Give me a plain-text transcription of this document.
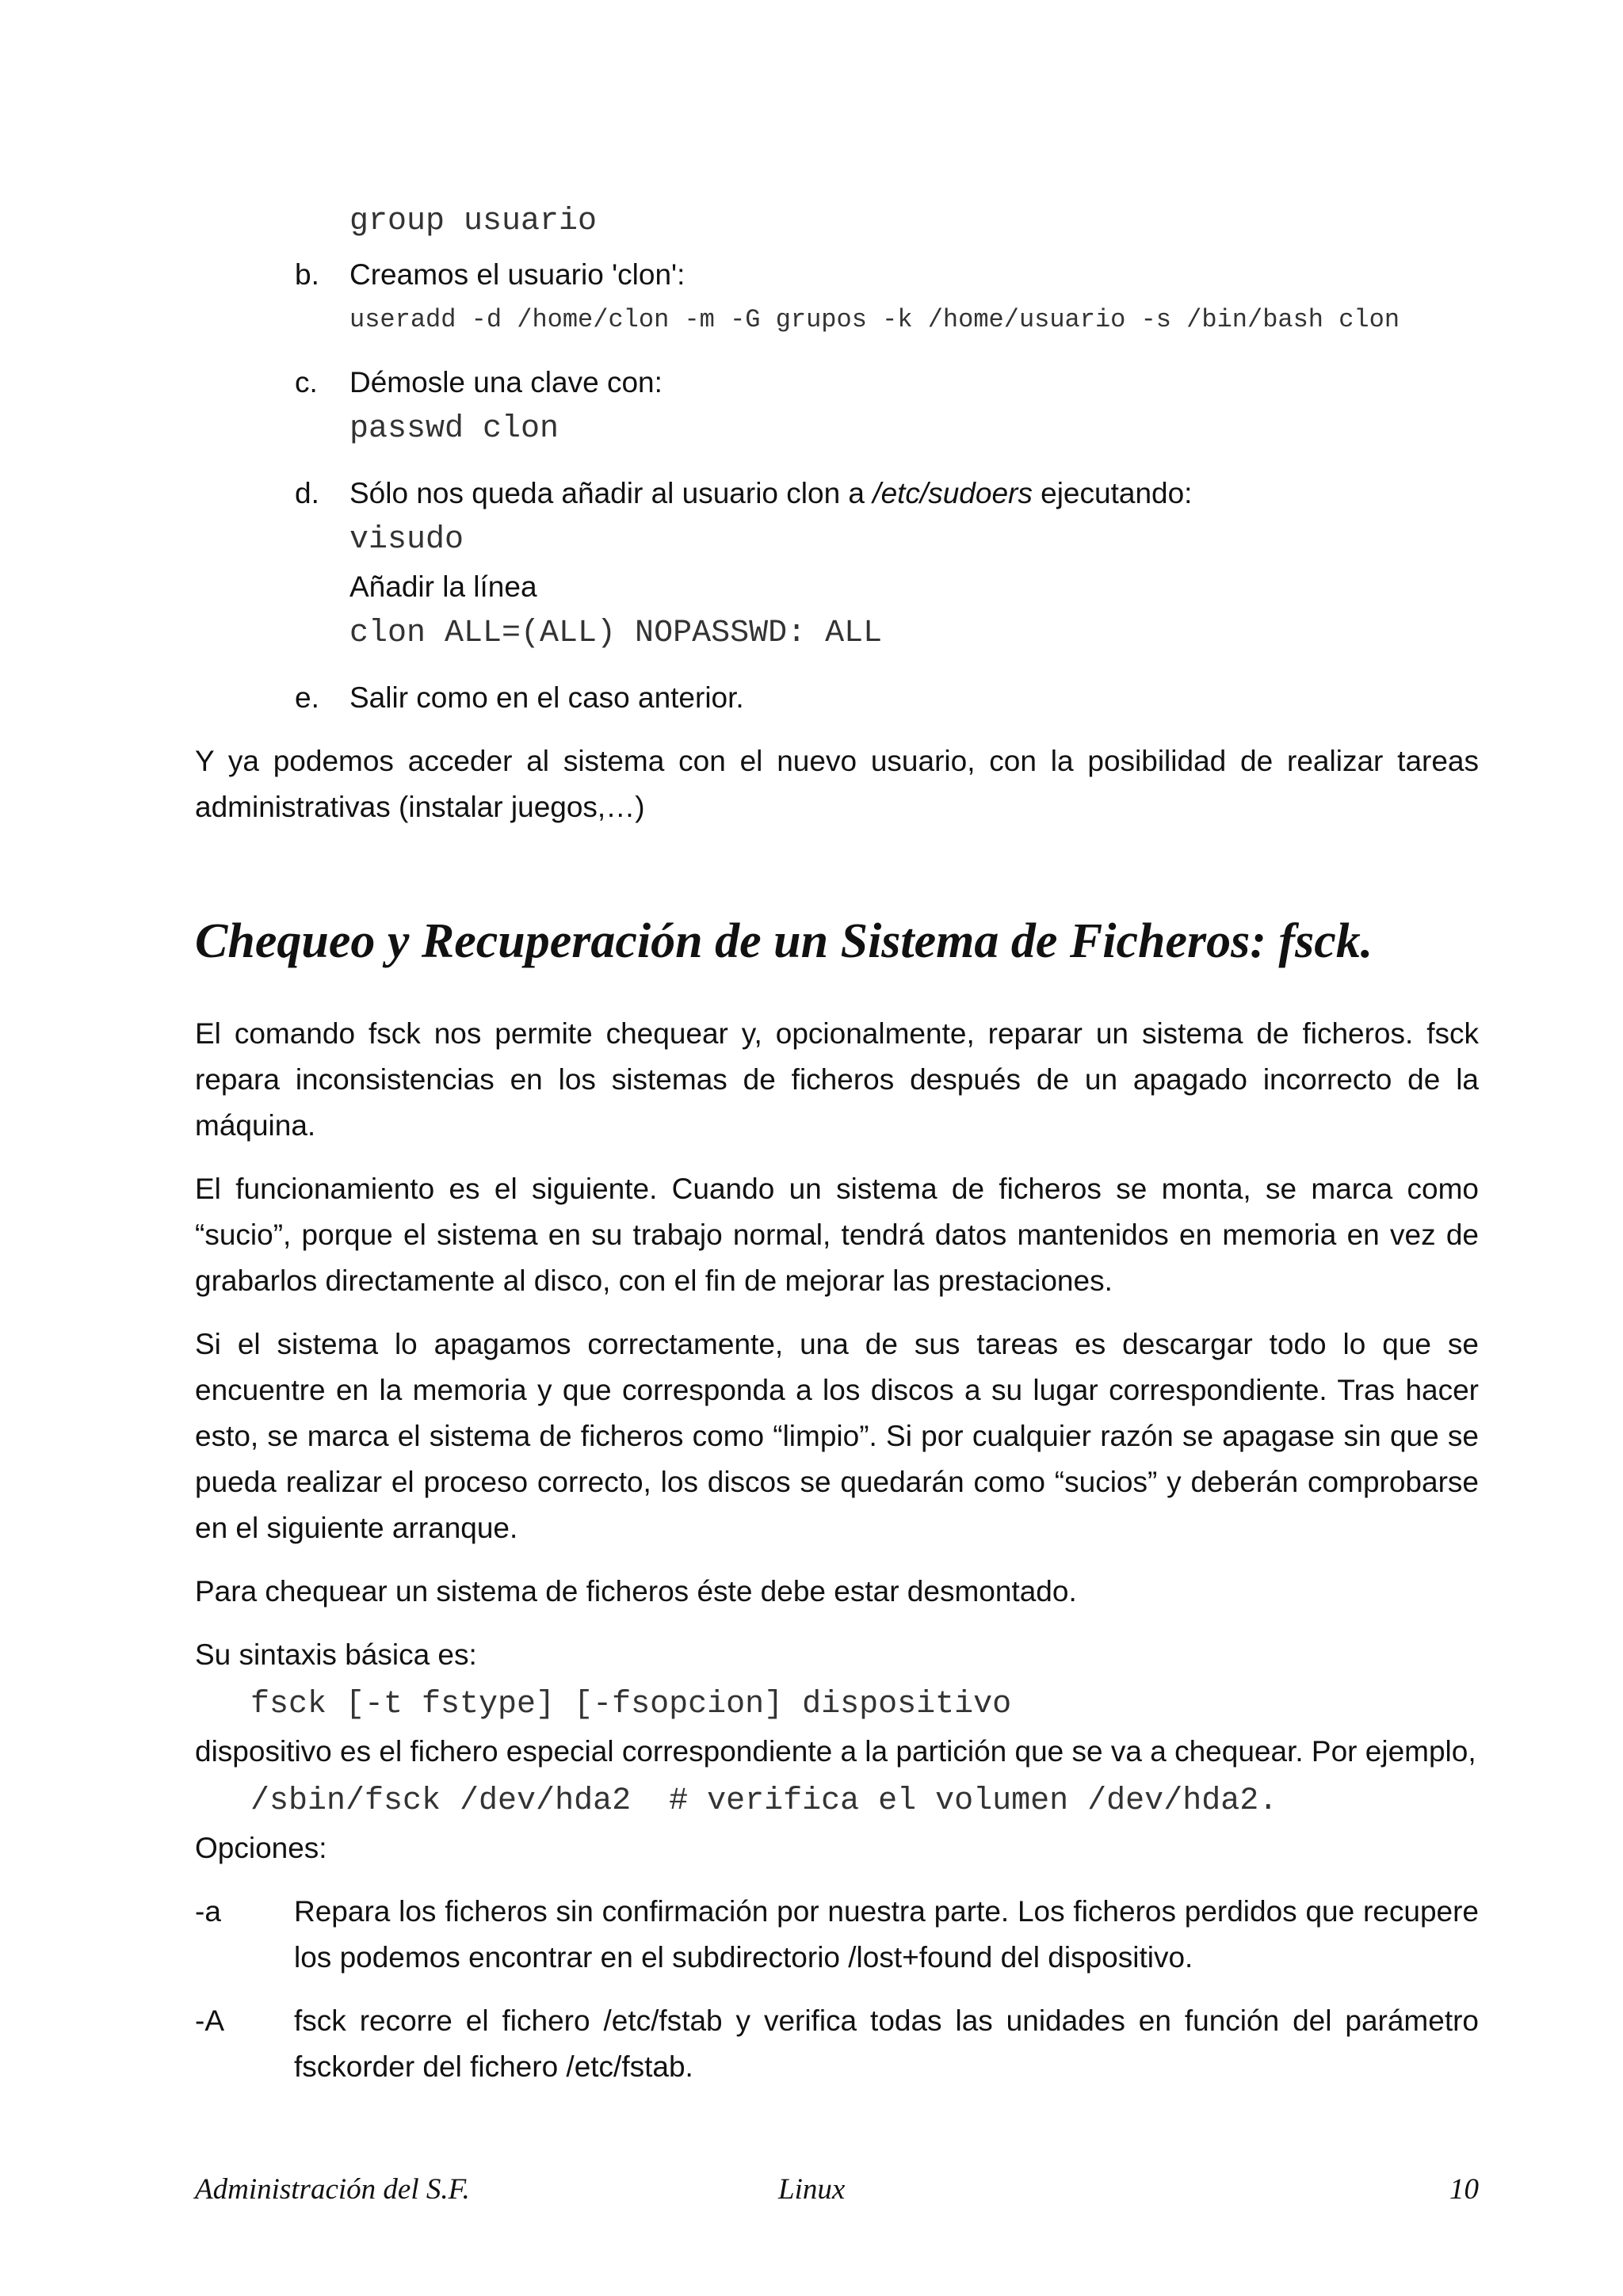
group usuario
b. Creamos el usuario 'clon':
useradd -d /home/clon -m -G grupos -k /home/usuario -s /bin/bash clon
c. Démosle una clave con:
passwd clon
d. Sólo nos queda añadir al usuario clon a /etc/sudoers ejecutando:
visudo
Añadir la línea
clon ALL=(ALL) NOPASSWD: ALL
e. Salir como en el caso anterior.

Y ya podemos acceder al sistema con el nuevo usuario, con la posibilidad de realizar tareas administrativas (instalar juegos,…)

Chequeo y Recuperación de un Sistema de Ficheros: fsck.

El comando fsck nos permite chequear y, opcionalmente, reparar un sistema de ficheros. fsck repara inconsistencias en los sistemas de ficheros después de un apagado incorrecto de la máquina.

El funcionamiento es el siguiente. Cuando un sistema de ficheros se monta, se marca como “sucio”, porque el sistema en su trabajo normal, tendrá datos mantenidos en memoria en vez de grabarlos directamente al disco, con el fin de mejorar las prestaciones.

Si el sistema lo apagamos correctamente, una de sus tareas es descargar todo lo que se encuentre en la memoria y que corresponda a los discos a su lugar correspondiente. Tras hacer esto, se marca el sistema de ficheros como “limpio”. Si por cualquier razón se apagase sin que se pueda realizar el proceso correcto, los discos se quedarán como “sucios” y deberán comprobarse en el siguiente arranque.

Para chequear un sistema de ficheros éste debe estar desmontado.

Su sintaxis básica es:

fsck [-t fstype] [-fsopcion] dispositivo
dispositivo es el fichero especial correspondiente a la partición que se va a chequear. Por ejemplo,
/sbin/fsck /dev/hda2  # verifica el volumen /dev/hda2.
Opciones:
-a Repara los ficheros sin confirmación por nuestra parte. Los ficheros perdidos que recupere los podemos encontrar en el subdirectorio /lost+found del dispositivo.
-A fsck recorre el fichero /etc/fstab y verifica todas las unidades en función del parámetro fsckorder del fichero /etc/fstab.
Administración del S.F.	Linux	10
